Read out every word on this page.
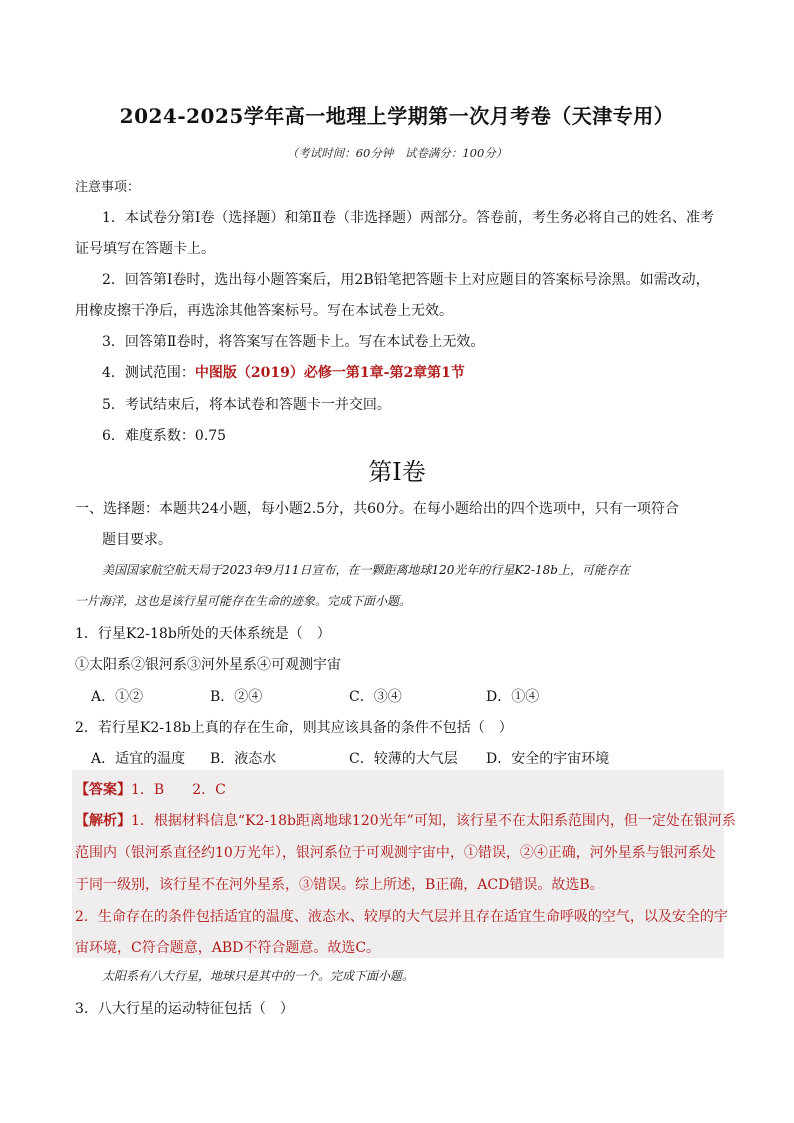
2024-2025学年高一地理上学期第一次月考卷（天津专用）
（考试时间：60分钟　试卷满分：100分）
注意事项：
1．本试卷分第Ⅰ卷（选择题）和第Ⅱ卷（非选择题）两部分。答卷前，考生务必将自己的姓名、准考
证号填写在答题卡上。
2．回答第Ⅰ卷时，选出每小题答案后，用2B铅笔把答题卡上对应题目的答案标号涂黑。如需改动，
用橡皮擦干净后，再选涂其他答案标号。写在本试卷上无效。
3．回答第Ⅱ卷时，将答案写在答题卡上。写在本试卷上无效。
4．测试范围：中图版（2019）必修一第1章-第2章第1节
5．考试结束后，将本试卷和答题卡一并交回。
6．难度系数：0.75
第Ⅰ卷
一、选择题：本题共24小题，每小题2.5分，共60分。在每小题给出的四个选项中，只有一项符合
题目要求。
美国国家航空航天局于2023年9月11日宣布，在一颗距离地球120光年的行星K2-18b上，可能存在
一片海洋，这也是该行星可能存在生命的迹象。完成下面小题。
1．行星K2-18b所处的天体系统是（　）
①太阳系②银河系③河外星系④可观测宇宙
A．①②	B．②④	C．③④	D．①④
2．若行星K2-18b上真的存在生命，则其应该具备的条件不包括（　）
A．适宜的温度 B．液态水	C．较薄的大气层 D．安全的宇宙环境
【答案】1．B　　2．C
【解析】1．根据材料信息“K2-18b距离地球120光年”可知，该行星不在太阳系范围内，但一定处在银河系
范围内（银河系直径约10万光年），银河系位于可观测宇宙中，①错误，②④正确，河外星系与银河系处
于同一级别，该行星不在河外星系，③错误。综上所述，B正确，ACD错误。故选B。
2．生命存在的条件包括适宜的温度、液态水、较厚的大气层并且存在适宜生命呼吸的空气，以及安全的宇
宙环境，C符合题意，ABD不符合题意。故选C。
太阳系有八大行星，地球只是其中的一个。完成下面小题。
3．八大行星的运动特征包括（　）
